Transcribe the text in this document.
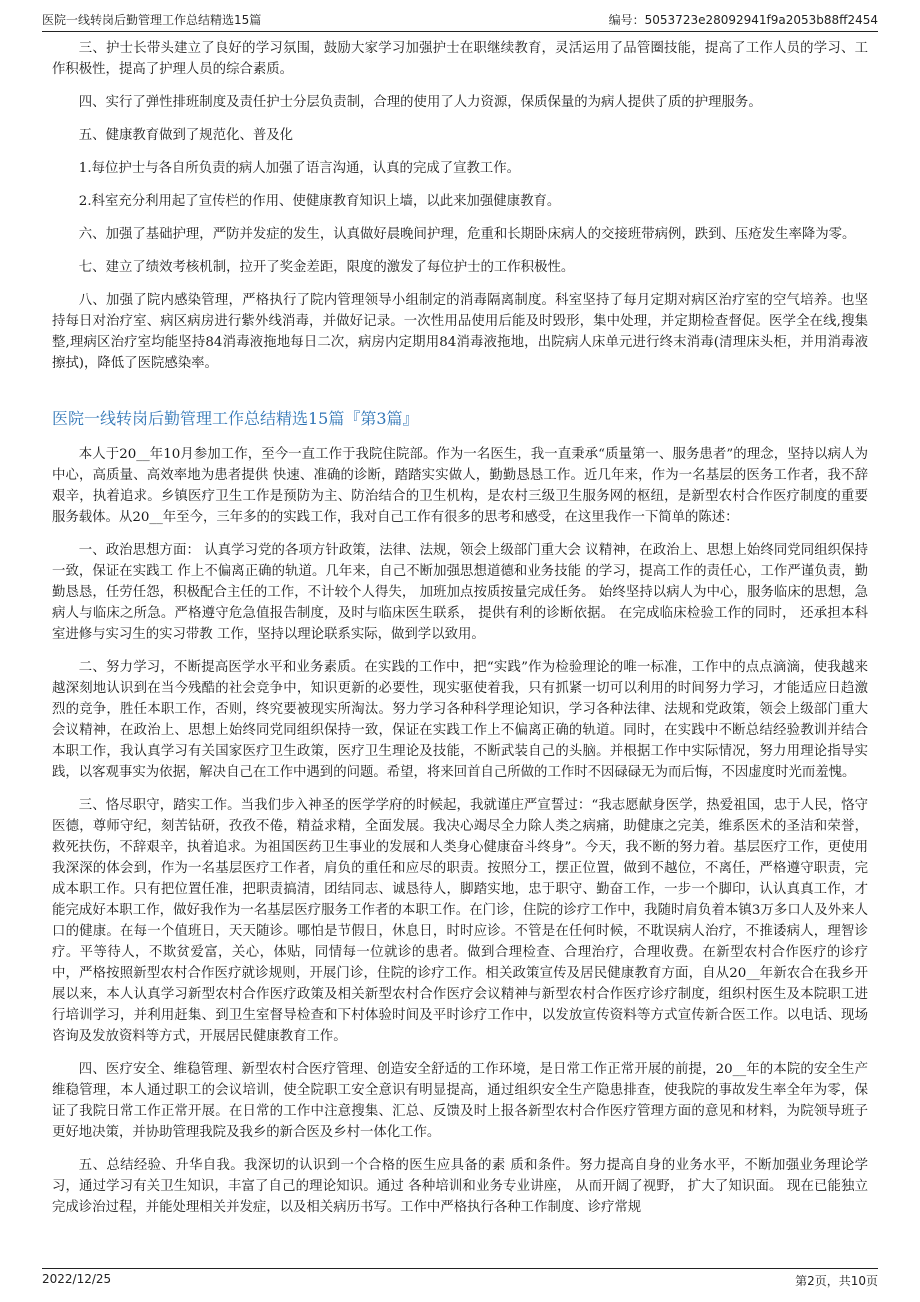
医院一线转岗后勤管理工作总结精选15篇	编号：5053723e28092941f9a2053b88ff2454

三、护士长带头建立了良好的学习氛围，鼓励大家学习加强护士在职继续教育，灵活运用了品管圈技能，提高了工作人员的学习、工作积极性，提高了护理人员的综合素质。

四、实行了弹性排班制度及责任护士分层负责制，合理的使用了人力资源，保质保量的为病人提供了质的护理服务。

五、健康教育做到了规范化、普及化

1.每位护士与各自所负责的病人加强了语言沟通，认真的完成了宣教工作。

2.科室充分利用起了宣传栏的作用、使健康教育知识上墙，以此来加强健康教育。

六、加强了基础护理，严防并发症的发生，认真做好晨晚间护理，危重和长期卧床病人的交接班带病例，跌到、压疮发生率降为零。

七、建立了绩效考核机制，拉开了奖金差距，限度的激发了每位护士的工作积极性。

八、加强了院内感染管理，严格执行了院内管理领导小组制定的消毒隔离制度。科室坚持了每月定期对病区治疗室的空气培养。也坚持每日对治疗室、病区病房进行紫外线消毒，并做好记录。一次性用品使用后能及时毁形，集中处理，并定期检查督促。医学全在线,搜集整,理病区治疗室均能坚持84消毒液拖地每日二次，病房内定期用84消毒液拖地，出院病人床单元进行终末消毒(清理床头柜，并用消毒液擦拭)，降低了医院感染率。

医院一线转岗后勤管理工作总结精选15篇『第3篇』

本人于20__年10月参加工作，至今一直工作于我院住院部。作为一名医生，我一直秉承“质量第一、服务患者”的理念，坚持以病人为中心，高质量、高效率地为患者提供 快速、准确的诊断，踏踏实实做人，勤勤恳恳工作。近几年来，作为一名基层的医务工作者，我不辞艰辛，执着追求。乡镇医疗卫生工作是预防为主、防治结合的卫生机构，是农村三级卫生服务网的枢纽，是新型农村合作医疗制度的重要服务载体。从20__年至今，三年多的的实践工作，我对自己工作有很多的思考和感受，在这里我作一下简单的陈述：

一、政治思想方面： 认真学习党的各项方针政策，法律、法规，领会上级部门重大会 议精神，在政治上、思想上始终同党同组织保持一致，保证在实践工 作上不偏离正确的轨道。几年来，自己不断加强思想道德和业务技能 的学习，提高工作的责任心，工作严谨负责，勤勤恳恳，任劳任怨，积极配合主任的工作，不计较个人得失， 加班加点按质按量完成任务。 始终坚持以病人为中心，服务临床的思想，急病人与临床之所急。严格遵守危急值报告制度，及时与临床医生联系， 提供有利的诊断依据。 在完成临床检验工作的同时， 还承担本科室进修与实习生的实习带教 工作，坚持以理论联系实际，做到学以致用。

二、努力学习，不断提高医学水平和业务素质。在实践的工作中，把“实践”作为检验理论的唯一标准，工作中的点点滴滴，使我越来越深刻地认识到在当今残酷的社会竞争中，知识更新的必要性，现实驱使着我，只有抓紧一切可以利用的时间努力学习，才能适应日趋激烈的竞争，胜任本职工作，否则，终究要被现实所淘汰。努力学习各种科学理论知识，学习各种法律、法规和党政策，领会上级部门重大会议精神，在政治上、思想上始终同党同组织保持一致，保证在实践工作上不偏离正确的轨道。同时，在实践中不断总结经验教训并结合本职工作，我认真学习有关国家医疗卫生政策，医疗卫生理论及技能，不断武装自己的头脑。并根据工作中实际情况，努力用理论指导实践，以客观事实为依据，解决自己在工作中遇到的问题。希望，将来回首自己所做的工作时不因碌碌无为而后悔，不因虚度时光而羞愧。

三、恪尽职守，踏实工作。当我们步入神圣的医学学府的时候起，我就谨庄严宣誓过：“我志愿献身医学，热爱祖国，忠于人民，恪守医德，尊师守纪，刻苦钻研，孜孜不倦，精益求精，全面发展。我决心竭尽全力除人类之病痛，助健康之完美，维系医术的圣洁和荣誉，救死扶伤，不辞艰辛，执着追求。为祖国医药卫生事业的发展和人类身心健康奋斗终身”。今天，我不断的努力着。基层医疗工作，更使用我深深的体会到，作为一名基层医疗工作者，肩负的重任和应尽的职责。按照分工，摆正位置，做到不越位，不离任，严格遵守职责，完成本职工作。只有把位置任准，把职责搞清，团结同志、诚恳待人，脚踏实地，忠于职守、勤奋工作，一步一个脚印，认认真真工作，才能完成好本职工作，做好我作为一名基层医疗服务工作者的本职工作。在门诊，住院的诊疗工作中，我随时肩负着本镇3万多口人及外来人口的健康。在每一个值班日，天天随诊。哪怕是节假日，休息日，时时应诊。不管是在任何时候，不耽误病人治疗，不推诿病人，理智诊疗。平等待人，不欺贫爱富，关心，体贴，同情每一位就诊的患者。做到合理检查、合理治疗，合理收费。在新型农村合作医疗的诊疗中，严格按照新型农村合作医疗就诊规则，开展门诊，住院的诊疗工作。相关政策宣传及居民健康教育方面，自从20__年新农合在我乡开展以来，本人认真学习新型农村合作医疗政策及相关新型农村合作医疗会议精神与新型农村合作医疗诊疗制度，组织村医生及本院职工进行培训学习，并利用赶集、到卫生室督导检查和下村体验时间及平时诊疗工作中，以发放宣传资料等方式宣传新合医工作。以电话、现场咨询及发放资料等方式，开展居民健康教育工作。

四、医疗安全、维稳管理、新型农村合医疗管理、创造安全舒适的工作环境，是日常工作正常开展的前提，20__年的本院的安全生产维稳管理，本人通过职工的会议培训，使全院职工安全意识有明显提高，通过组织安全生产隐患排查，使我院的事故发生率全年为零，保证了我院日常工作正常开展。在日常的工作中注意搜集、汇总、反馈及时上报各新型农村合作医疗管理方面的意见和材料，为院领导班子更好地决策，并协助管理我院及我乡的新合医及乡村一体化工作。

五、总结经验、升华自我。我深切的认识到一个合格的医生应具备的素 质和条件。努力提高自身的业务水平，不断加强业务理论学 习，通过学习有关卫生知识，丰富了自己的理论知识。通过 各种培训和业务专业讲座， 从而开阔了视野， 扩大了知识面。 现在已能独立完成诊治过程，并能处理相关并发症，以及相关病历书写。工作中严格执行各种工作制度、诊疗常规

2022/12/25	第2页，共10页
